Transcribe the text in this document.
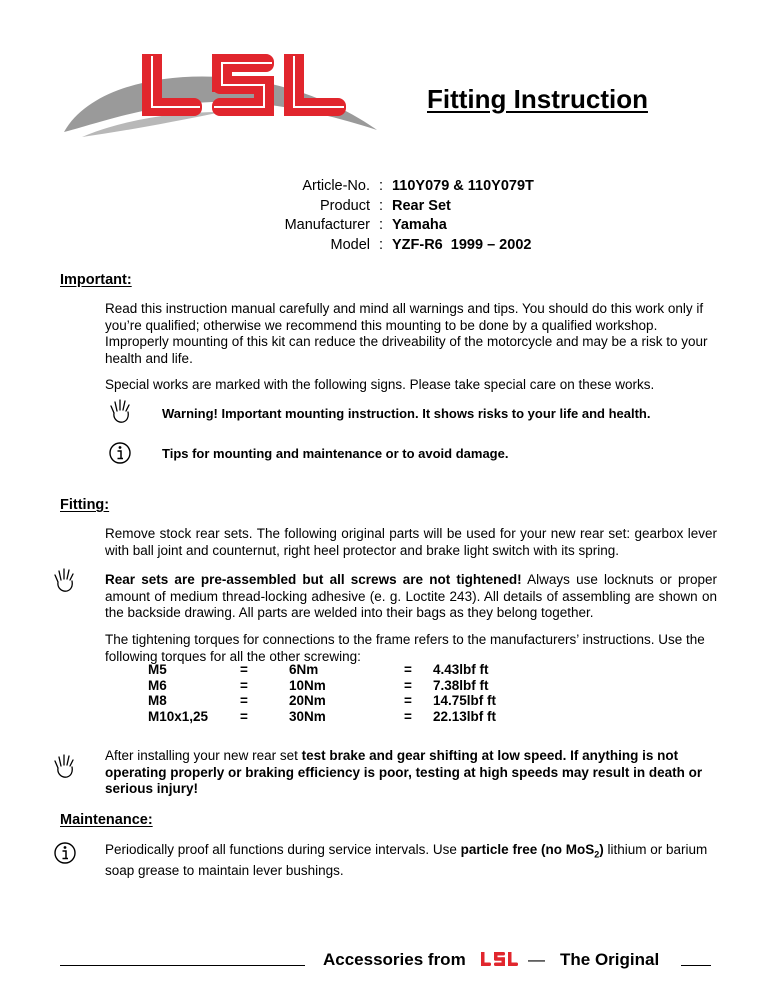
Fitting Instruction
Article-No. : 110Y079 & 110Y079T
Product : Rear Set
Manufacturer : Yamaha
Model : YZF-R6  1999 – 2002
Important:
Read this instruction manual carefully and mind all warnings and tips. You should do this work only if you’re qualified; otherwise we recommend this mounting to be done by a qualified workshop. Improperly mounting of this kit can reduce the driveability of the motorcycle and may be a risk to your health and life.
Special works are marked with the following signs. Please take special care on these works.
Warning! Important mounting instruction. It shows risks to your life and health.
Tips for mounting and maintenance or to avoid damage.
Fitting:
Remove stock rear sets. The following original parts will be used for your new rear set: gearbox lever with ball joint and counternut, right heel protector and brake light switch with its spring.
Rear sets are pre-assembled but all screws are not tightened! Always use locknuts or proper amount of medium thread-locking adhesive (e. g. Loctite 243). All details of assembling are shown on the backside drawing. All parts are welded into their bags as they belong together.
The tightening torques for connections to the frame refers to the manufacturers’ instructions. Use the following torques for all the other screwing:
M5	=	6Nm	=	4.43lbf ft
M6	=	10Nm	=	7.38lbf ft
M8	=	20Nm	=	14.75lbf ft
M10x1,25	=	30Nm	=	22.13lbf ft
After installing your new rear set test brake and gear shifting at low speed. If anything is not operating properly or braking efficiency is poor, testing at high speeds may result in death or serious injury!
Maintenance:
Periodically proof all functions during service intervals. Use particle free (no MoS$_2$) lithium or barium soap grease to maintain lever bushings.
Accessories from	— The Original
